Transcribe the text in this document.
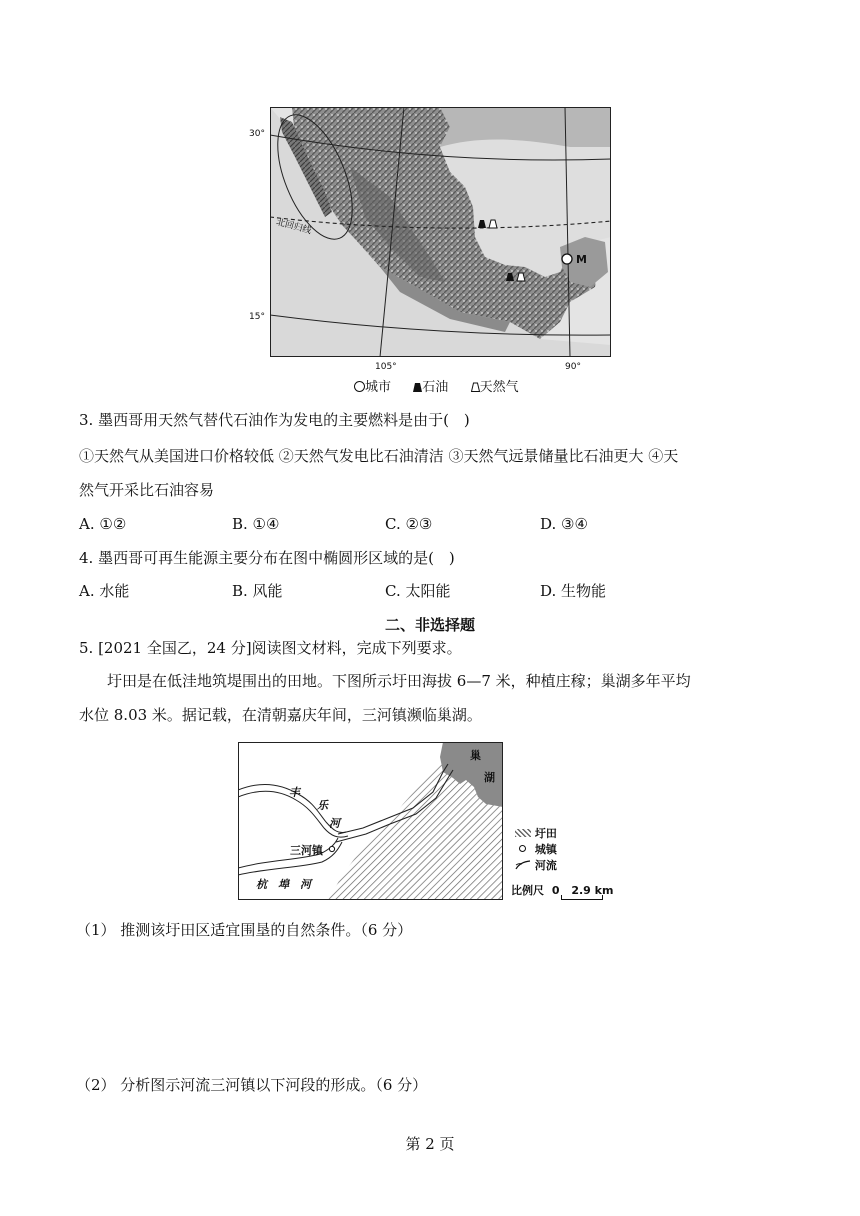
30°
15°
105°	90°
北回归线
M
城市 石油 天然气
3. 墨西哥用天然气替代石油作为发电的主要燃料是由于(　)
①天然气从美国进口价格较低 ②天然气发电比石油清洁 ③天然气远景储量比石油更大 ④天
然气开采比石油容易
A. ①②	B. ①④	C. ②③	D. ③④
4. 墨西哥可再生能源主要分布在图中椭圆形区域的是(　)
A. 水能	B. 风能	C. 太阳能	D. 生物能
二、非选择题
5. [2021 全国乙，24 分]阅读图文材料，完成下列要求。
圩田是在低洼地筑堤围出的田地。下图所示圩田海拔 6—7 米，种植庄稼；巢湖多年平均
水位 8.03 米。据记载，在清朝嘉庆年间，三河镇濒临巢湖。
巢
湖
丰
乐
河
三河镇
杭　埠　河
圩田
城镇
河流
比例尺 0 2.9 km
（1） 推测该圩田区适宜围垦的自然条件。（6 分）
（2） 分析图示河流三河镇以下河段的形成。（6 分）
第 2 页
